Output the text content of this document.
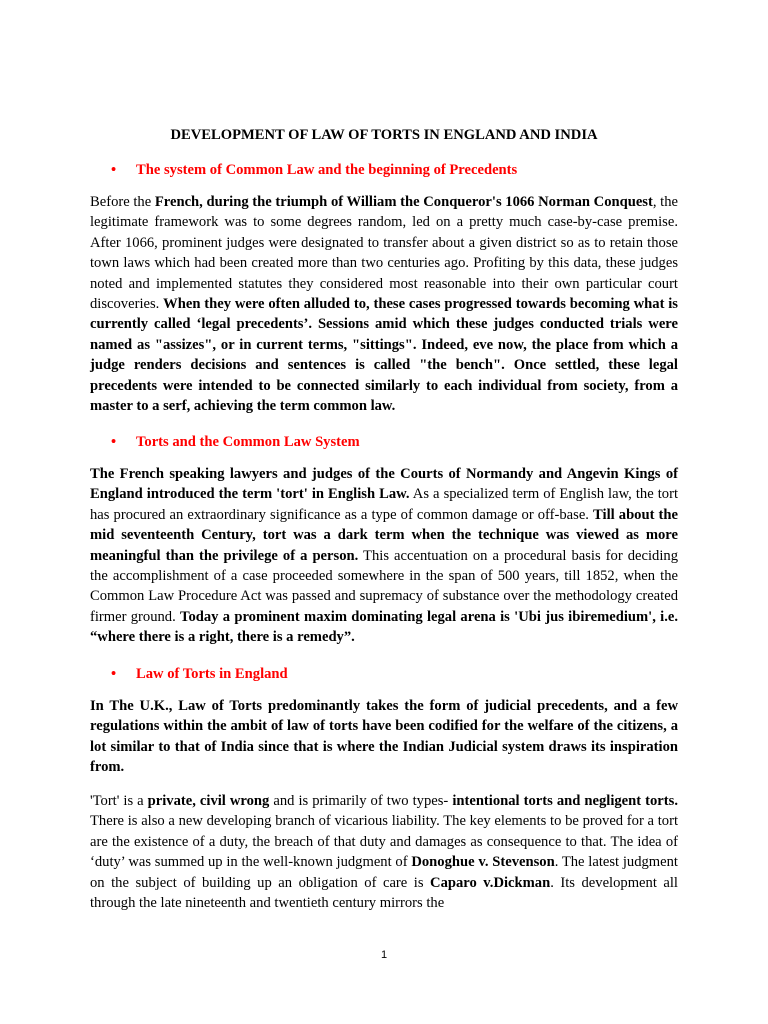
DEVELOPMENT OF LAW OF TORTS IN ENGLAND AND INDIA
• The system of Common Law and the beginning of Precedents

Before the French, during the triumph of William the Conqueror's 1066 Norman Conquest, the legitimate framework was to some degrees random, led on a pretty much case-by-case premise. After 1066, prominent judges were designated to transfer about a given district so as to retain those town laws which had been created more than two centuries ago. Profiting by this data, these judges noted and implemented statutes they considered most reasonable into their own particular court discoveries. When they were often alluded to, these cases progressed towards becoming what is currently called ‘legal precedents’. Sessions amid which these judges conducted trials were named as "assizes", or in current terms, "sittings". Indeed, eve now, the place from which a judge renders decisions and sentences is called "the bench". Once settled, these legal precedents were intended to be connected similarly to each individual from society, from a master to a serf, achieving the term common law.

• Torts and the Common Law System

The French speaking lawyers and judges of the Courts of Normandy and Angevin Kings of England introduced the term 'tort' in English Law. As a specialized term of English law, the tort has procured an extraordinary significance as a type of common damage or off-base. Till about the mid seventeenth Century, tort was a dark term when the technique was viewed as more meaningful than the privilege of a person. This accentuation on a procedural basis for deciding the accomplishment of a case proceeded somewhere in the span of 500 years, till 1852, when the Common Law Procedure Act was passed and supremacy of substance over the methodology created firmer ground. Today a prominent maxim dominating legal arena is 'Ubi jus ibiremedium', i.e. “where there is a right, there is a remedy”.

• Law of Torts in England

In The U.K., Law of Torts predominantly takes the form of judicial precedents, and a few regulations within the ambit of law of torts have been codified for the welfare of the citizens, a lot similar to that of India since that is where the Indian Judicial system draws its inspiration from.

'Tort' is a private, civil wrong and is primarily of two types- intentional torts and negligent torts. There is also a new developing branch of vicarious liability. The key elements to be proved for a tort are the existence of a duty, the breach of that duty and damages as consequence to that. The idea of ‘duty’ was summed up in the well-known judgment of Donoghue v. Stevenson. The latest judgment on the subject of building up an obligation of care is Caparo v.Dickman. Its development all through the late nineteenth and twentieth century mirrors the

1
